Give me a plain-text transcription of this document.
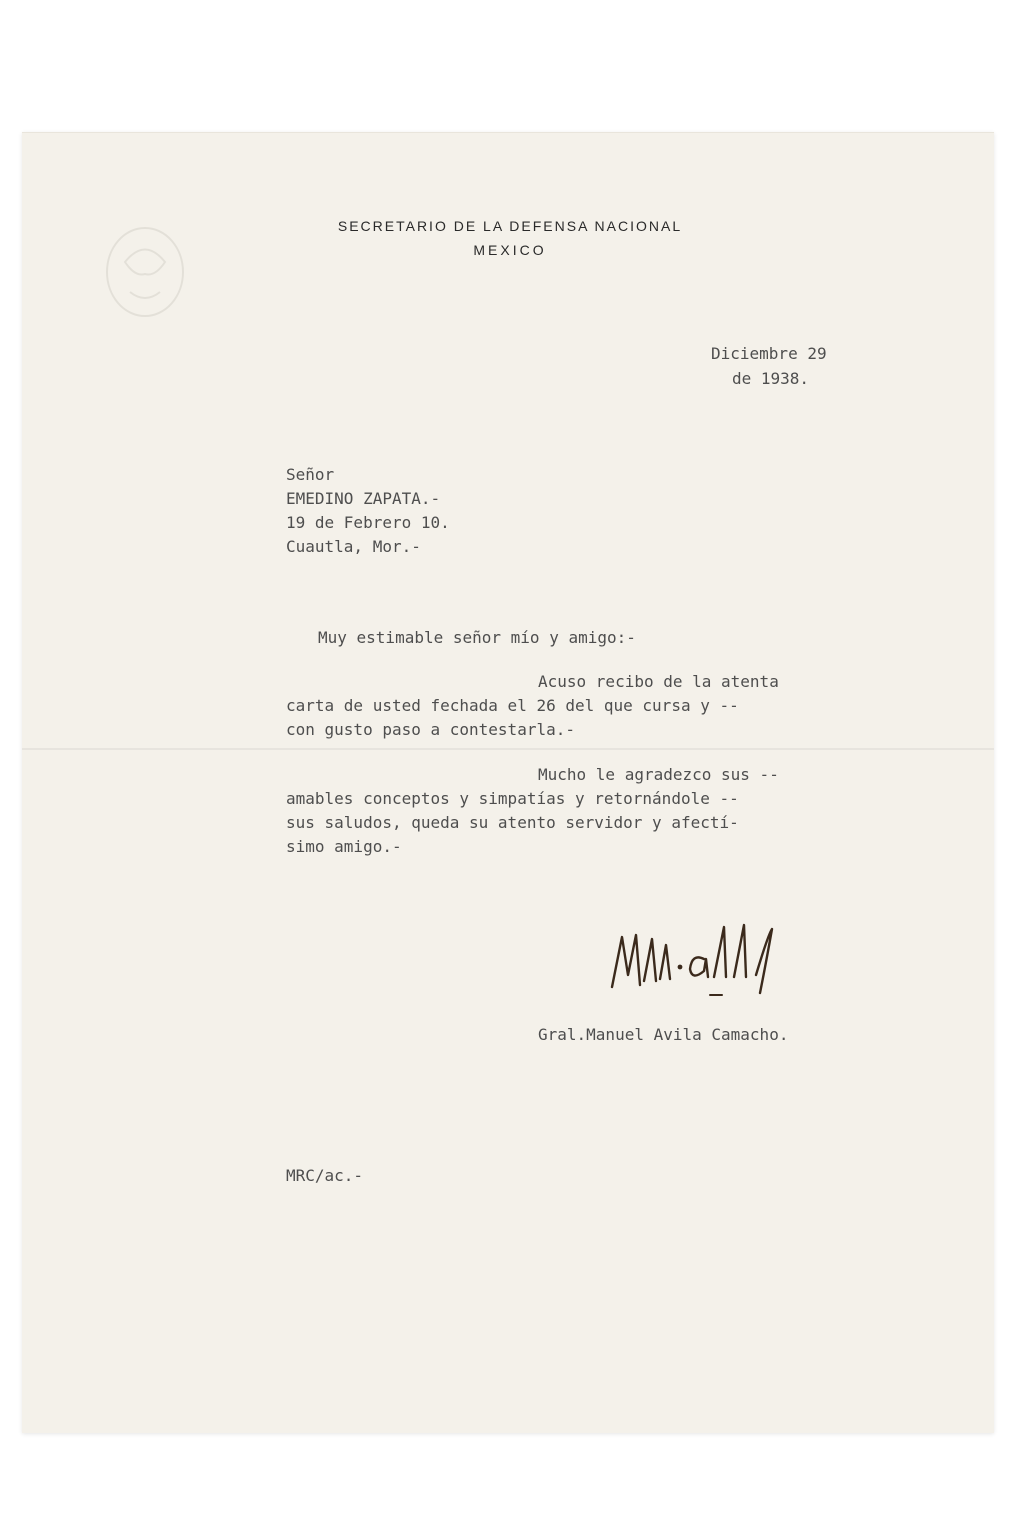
SECRETARIO DE LA DEFENSA NACIONAL
MEXICO
Diciembre 29
de 1938.
Señor
EMEDINO ZAPATA.-
19 de Febrero 10.
Cuautla, Mor.-
Muy estimable señor mío y amigo:-
Acuso recibo de la atenta
carta de usted fechada el 26 del que cursa y --
con gusto paso a contestarla.-
Mucho le agradezco sus --
amables conceptos y simpatías y retornándole --
sus saludos, queda su atento servidor y afectí-
simo amigo.-
Gral.Manuel Avila Camacho.
MRC/ac.-
